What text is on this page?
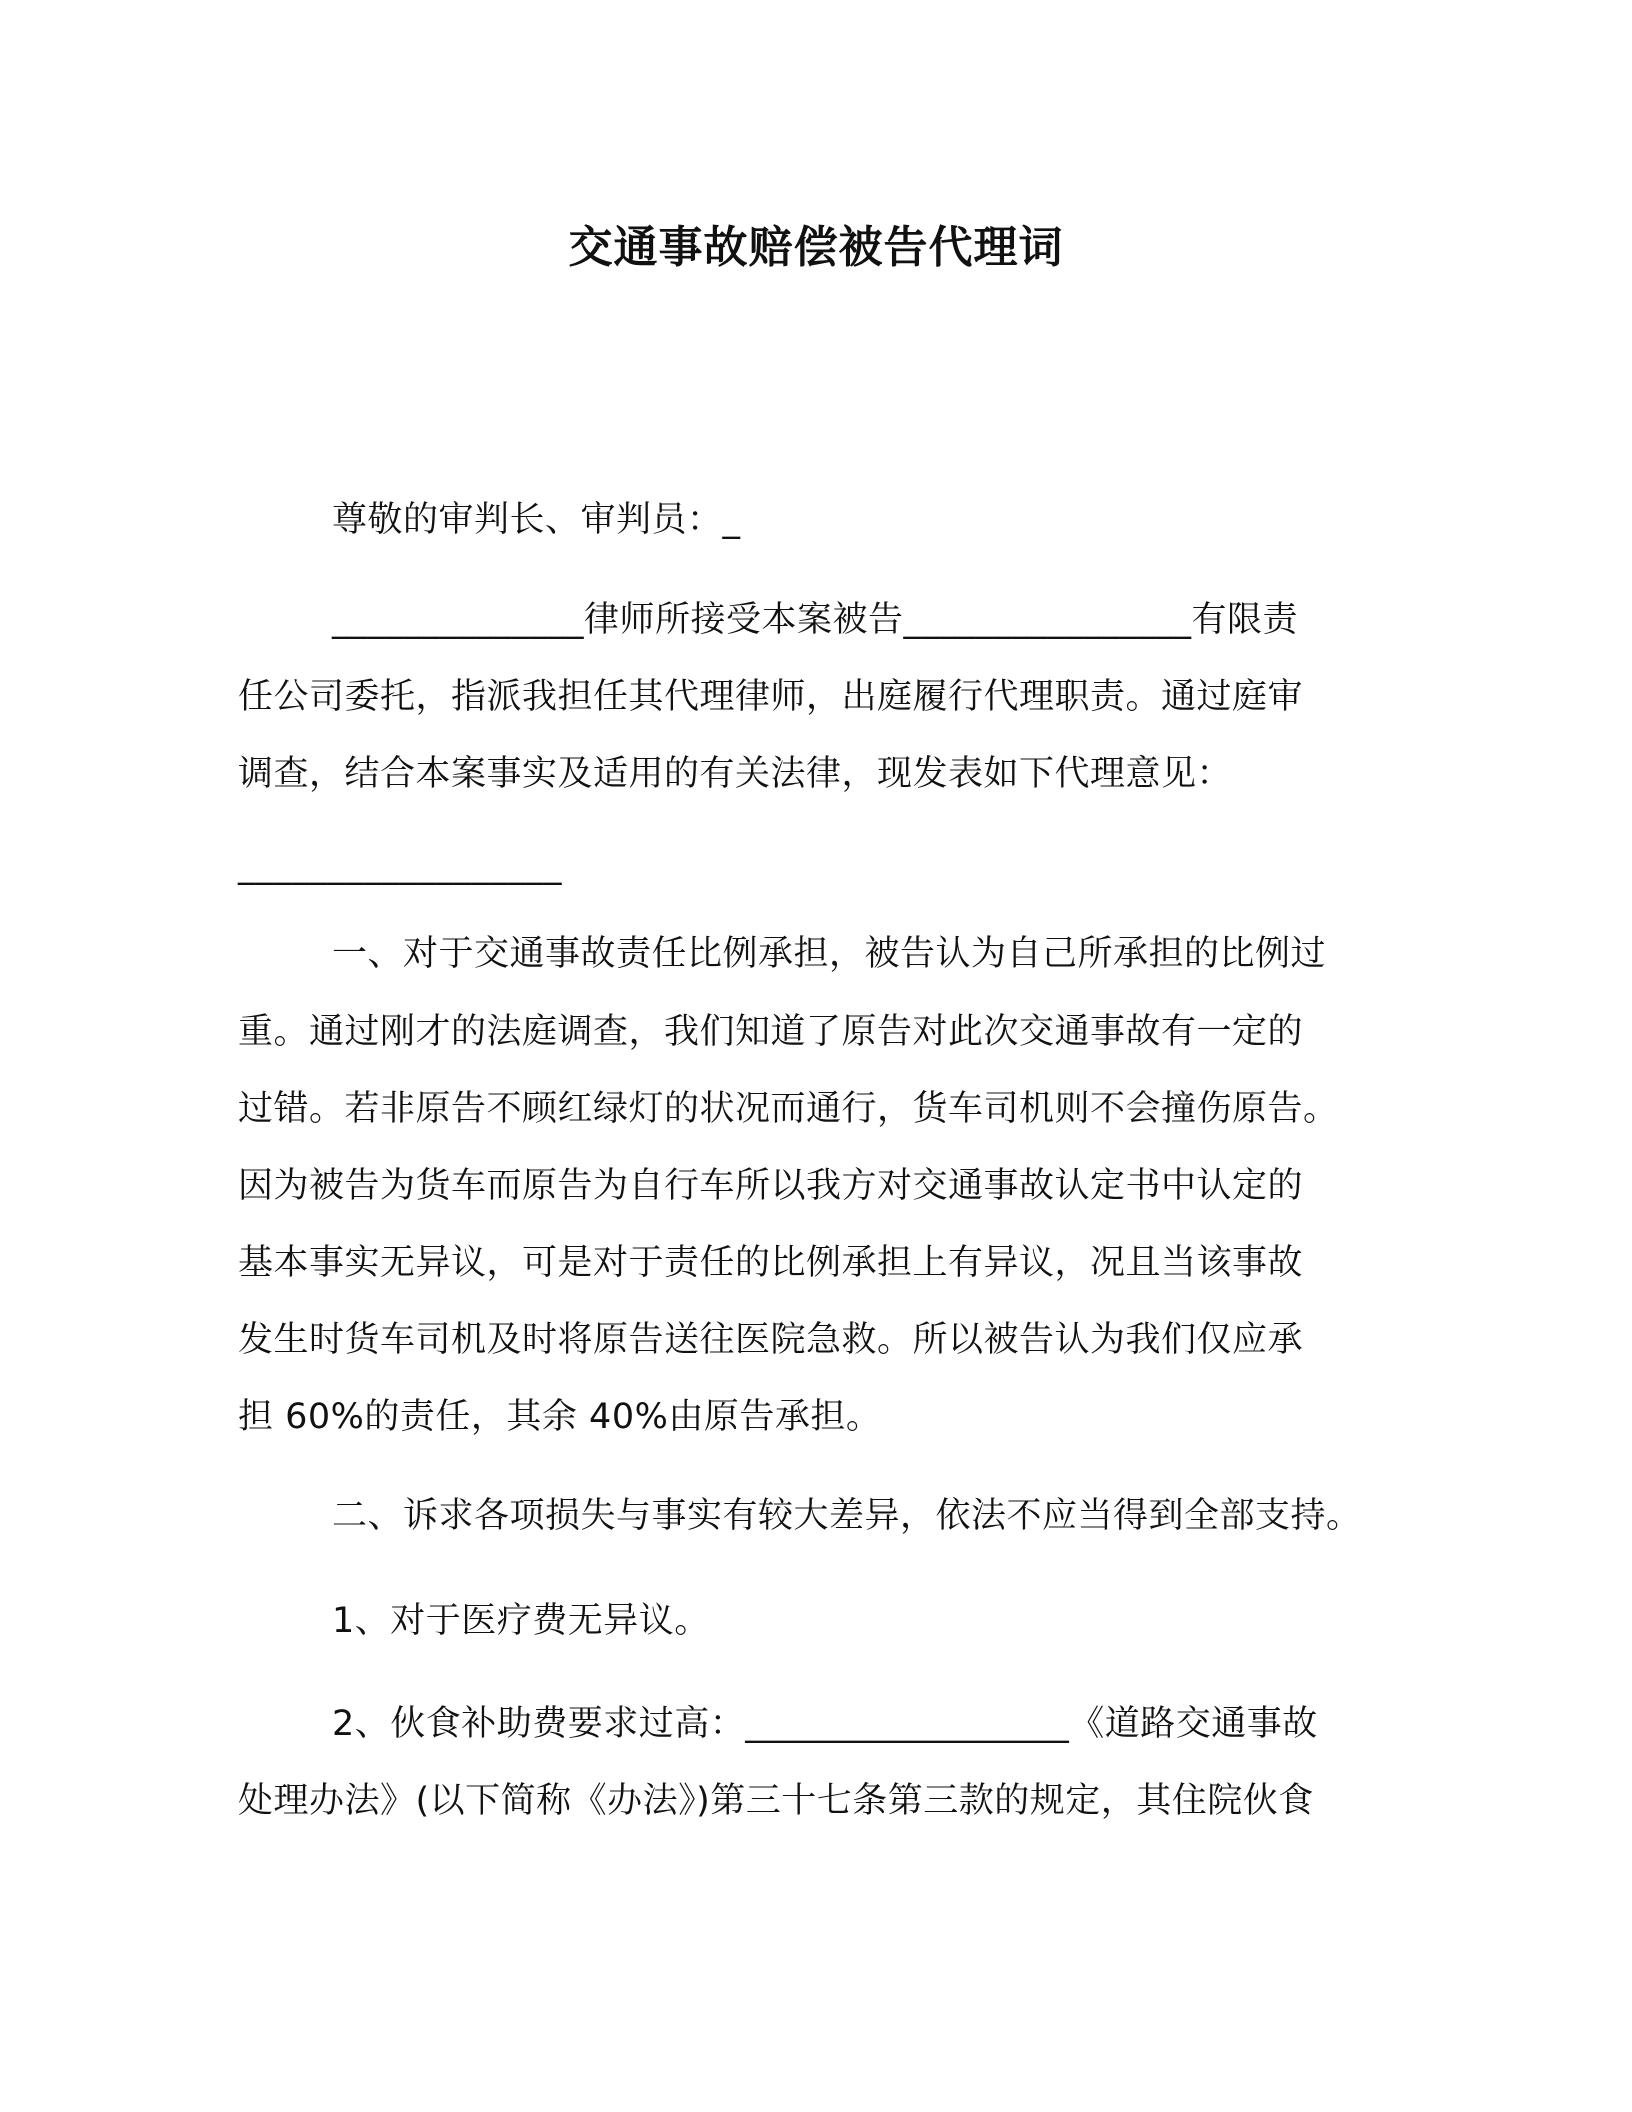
交通事故赔偿被告代理词
尊敬的审判长、审判员：_
______________律师所接受本案被告________________有限责
任公司委托，指派我担任其代理律师，出庭履行代理职责。通过庭审
调查，结合本案事实及适用的有关法律，现发表如下代理意见：
__________________
一、对于交通事故责任比例承担，被告认为自己所承担的比例过
重。通过刚才的法庭调查，我们知道了原告对此次交通事故有一定的
过错。若非原告不顾红绿灯的状况而通行，货车司机则不会撞伤原告。
因为被告为货车而原告为自行车所以我方对交通事故认定书中认定的
基本事实无异议，可是对于责任的比例承担上有异议，况且当该事故
发生时货车司机及时将原告送往医院急救。所以被告认为我们仅应承
担 60%的责任，其余 40%由原告承担。
二、诉求各项损失与事实有较大差异，依法不应当得到全部支持。
1、对于医疗费无异议。
2、伙食补助费要求过高：__________________《道路交通事故
处理办法》(以下简称《办法》)第三十七条第三款的规定，其住院伙食
